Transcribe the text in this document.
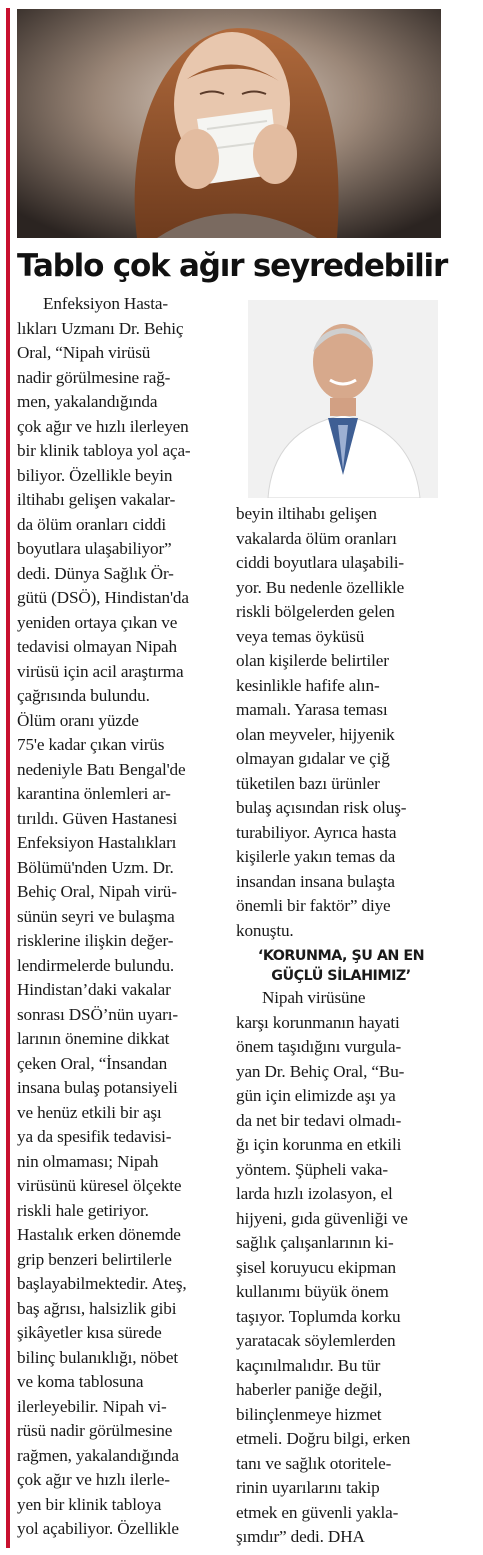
Tablo çok ağır seyredebilir
Enfeksiyon Hasta-
lıkları Uzmanı Dr. Behiç
Oral, “Nipah virüsü
nadir görülmesine rağ-
men, yakalandığında
çok ağır ve hızlı ilerleyen
bir klinik tabloya yol aça-
biliyor. Özellikle beyin
iltihabı gelişen vakalar-
da ölüm oranları ciddi
boyutlara ulaşabiliyor”
dedi. Dünya Sağlık Ör-
gütü (DSÖ), Hindistan'da
yeniden ortaya çıkan ve
tedavisi olmayan Nipah
virüsü için acil araştırma
çağrısında bulundu.
Ölüm oranı yüzde
75'e kadar çıkan virüs
nedeniyle Batı Bengal'de
karantina önlemleri ar-
tırıldı. Güven Hastanesi
Enfeksiyon Hastalıkları
Bölümü'nden Uzm. Dr.
Behiç Oral, Nipah virü-
sünün seyri ve bulaşma
risklerine ilişkin değer-
lendirmelerde bulundu.
Hindistan’daki vakalar
sonrası DSÖ’nün uyarı-
larının önemine dikkat
çeken Oral, “İnsandan
insana bulaş potansiyeli
ve henüz etkili bir aşı
ya da spesifik tedavisi-
nin olmaması; Nipah
virüsünü küresel ölçekte
riskli hale getiriyor.
Hastalık erken dönemde
grip benzeri belirtilerle
başlayabilmektedir. Ateş,
baş ağrısı, halsizlik gibi
şikâyetler kısa sürede
bilinç bulanıklığı, nöbet
ve koma tablosuna
ilerleyebilir. Nipah vi-
rüsü nadir görülmesine
rağmen, yakalandığında
çok ağır ve hızlı ilerle-
yen bir klinik tabloya
yol açabiliyor. Özellikle
beyin iltihabı gelişen
vakalarda ölüm oranları
ciddi boyutlara ulaşabili-
yor. Bu nedenle özellikle
riskli bölgelerden gelen
veya temas öyküsü
olan kişilerde belirtiler
kesinlikle hafife alın-
mamalı. Yarasa teması
olan meyveler, hijyenik
olmayan gıdalar ve çiğ
tüketilen bazı ürünler
bulaş açısından risk oluş-
turabiliyor. Ayrıca hasta
kişilerle yakın temas da
insandan insana bulaşta
önemli bir faktör” diye
konuştu.
‘KORUNMA, ŞU AN EN
GÜÇLÜ SİLAHIMIZ’
Nipah virüsüne
karşı korunmanın hayati
önem taşıdığını vurgula-
yan Dr. Behiç Oral, “Bu-
gün için elimizde aşı ya
da net bir tedavi olmadı-
ğı için korunma en etkili
yöntem. Şüpheli vaka-
larda hızlı izolasyon, el
hijyeni, gıda güvenliği ve
sağlık çalışanlarının ki-
şisel koruyucu ekipman
kullanımı büyük önem
taşıyor. Toplumda korku
yaratacak söylemlerden
kaçınılmalıdır. Bu tür
haberler paniğe değil,
bilinçlenmeye hizmet
etmeli. Doğru bilgi, erken
tanı ve sağlık otoritele-
rinin uyarılarını takip
etmek en güvenli yakla-
şımdır” dedi. DHA
